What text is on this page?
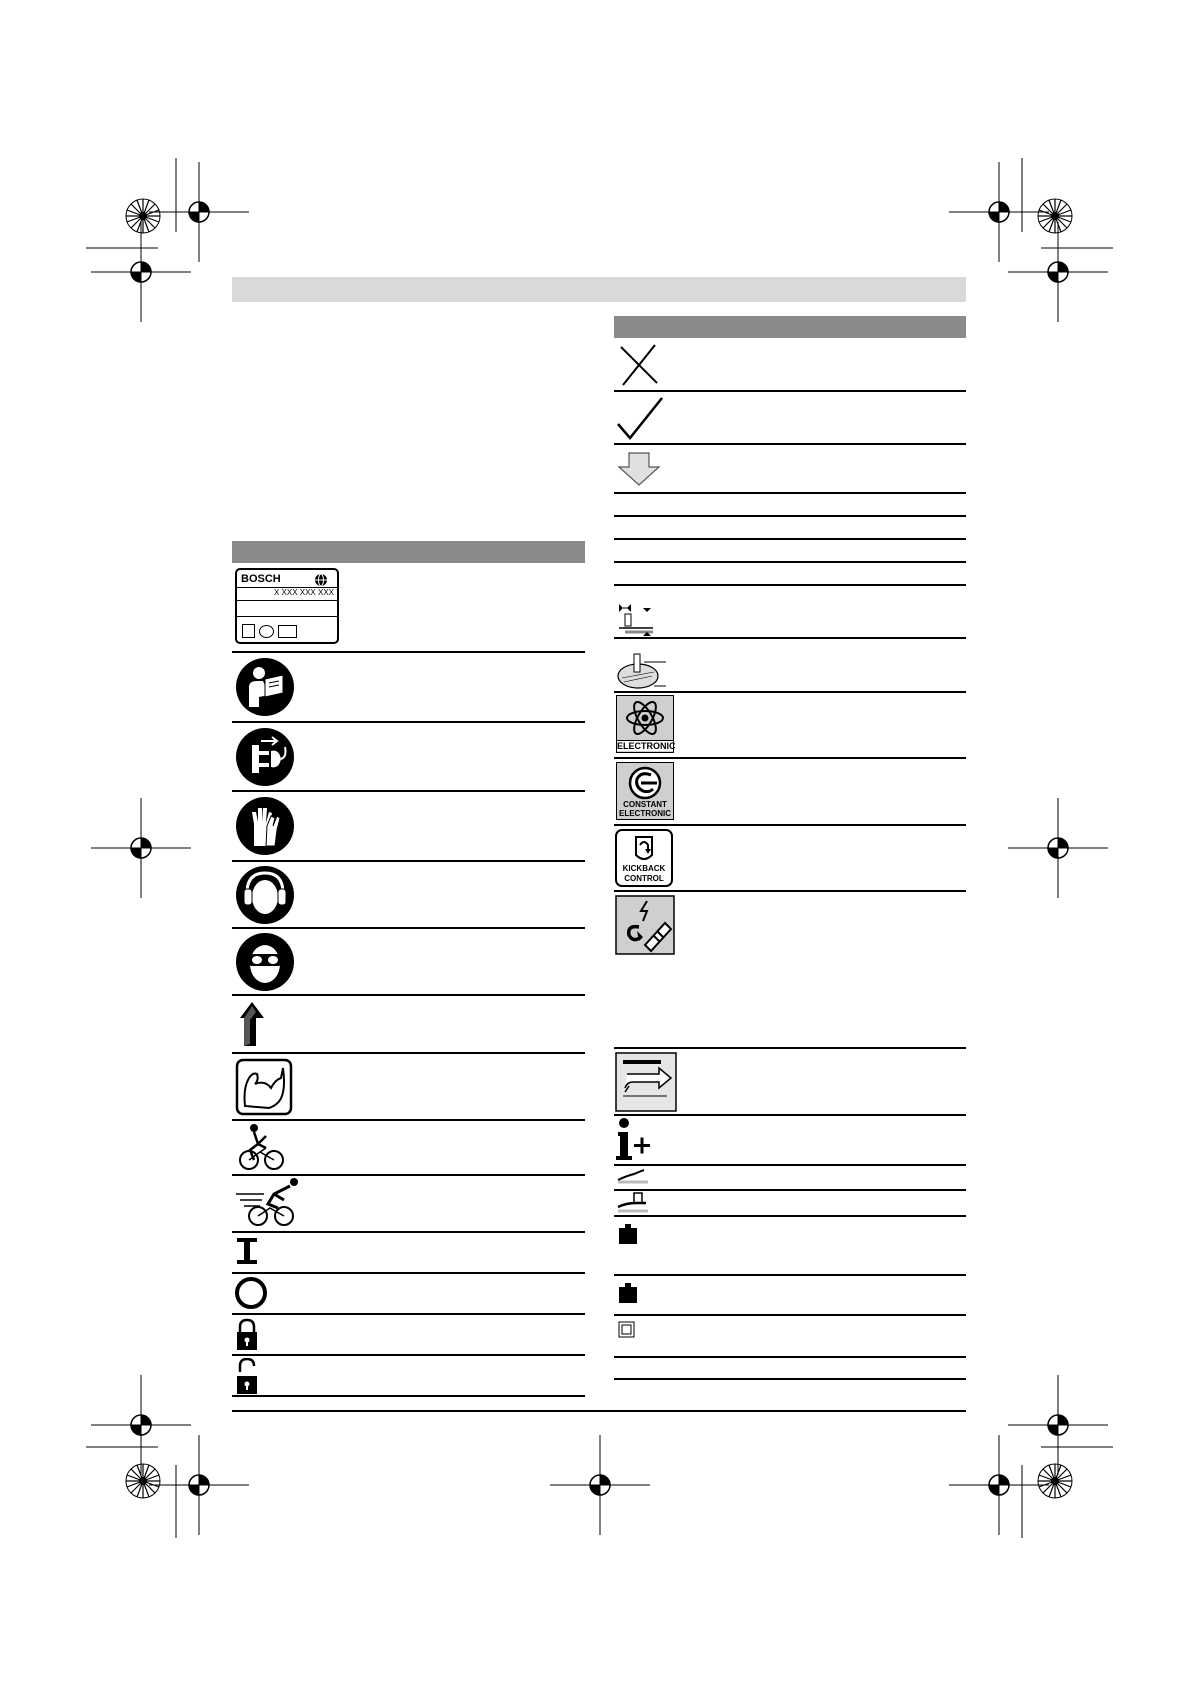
BOSCH
X XXX XXX XXX
ELECTRONIC
CONSTANT
ELECTRONIC
KICKBACK
CONTROL
